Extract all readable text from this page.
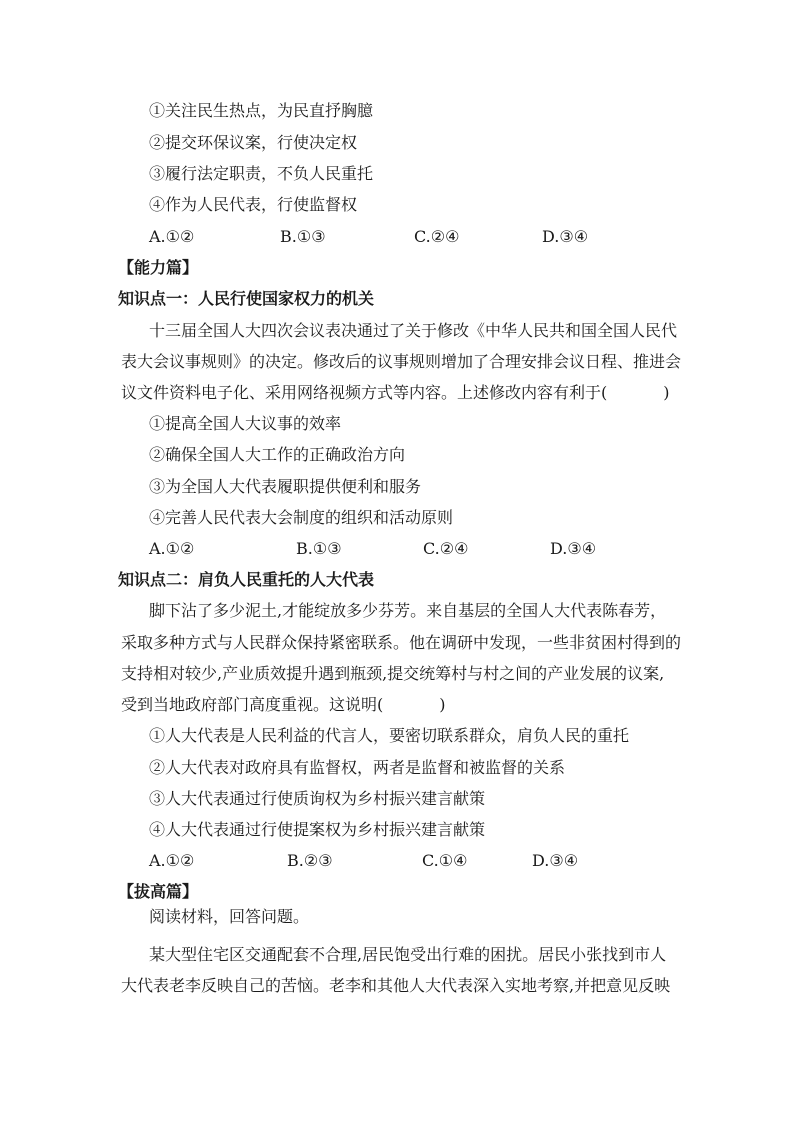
①关注民生热点，为民直抒胸臆
②提交环保议案，行使决定权
③履行法定职责，不负人民重托
④作为人民代表，行使监督权
A.①②	B.①③	C.②④	D.③④
【能力篇】
知识点一：人民行使国家权力的机关
十三届全国人大四次会议表决通过了关于修改《中华人民共和国全国人民代
表大会议事规则》的决定。修改后的议事规则增加了合理安排会议日程、推进会
议文件资料电子化、采用网络视频方式等内容。上述修改内容有利于(	)
①提高全国人大议事的效率
②确保全国人大工作的正确政治方向
③为全国人大代表履职提供便利和服务
④完善人民代表大会制度的组织和活动原则
A.①②	B.①③	C.②④	D.③④
知识点二：肩负人民重托的人大代表
脚下沾了多少泥土,才能绽放多少芬芳。来自基层的全国人大代表陈春芳，
采取多种方式与人民群众保持紧密联系。他在调研中发现，一些非贫困村得到的
支持相对较少,产业质效提升遇到瓶颈,提交统筹村与村之间的产业发展的议案,
受到当地政府部门高度重视。这说明(	)
①人大代表是人民利益的代言人，要密切联系群众，肩负人民的重托
②人大代表对政府具有监督权，两者是监督和被监督的关系
③人大代表通过行使质询权为乡村振兴建言献策
④人大代表通过行使提案权为乡村振兴建言献策
A.①②	B.②③	C.①④	D.③④
【拔高篇】
阅读材料，回答问题。
某大型住宅区交通配套不合理,居民饱受出行难的困扰。居民小张找到市人
大代表老李反映自己的苦恼。老李和其他人大代表深入实地考察,并把意见反映
